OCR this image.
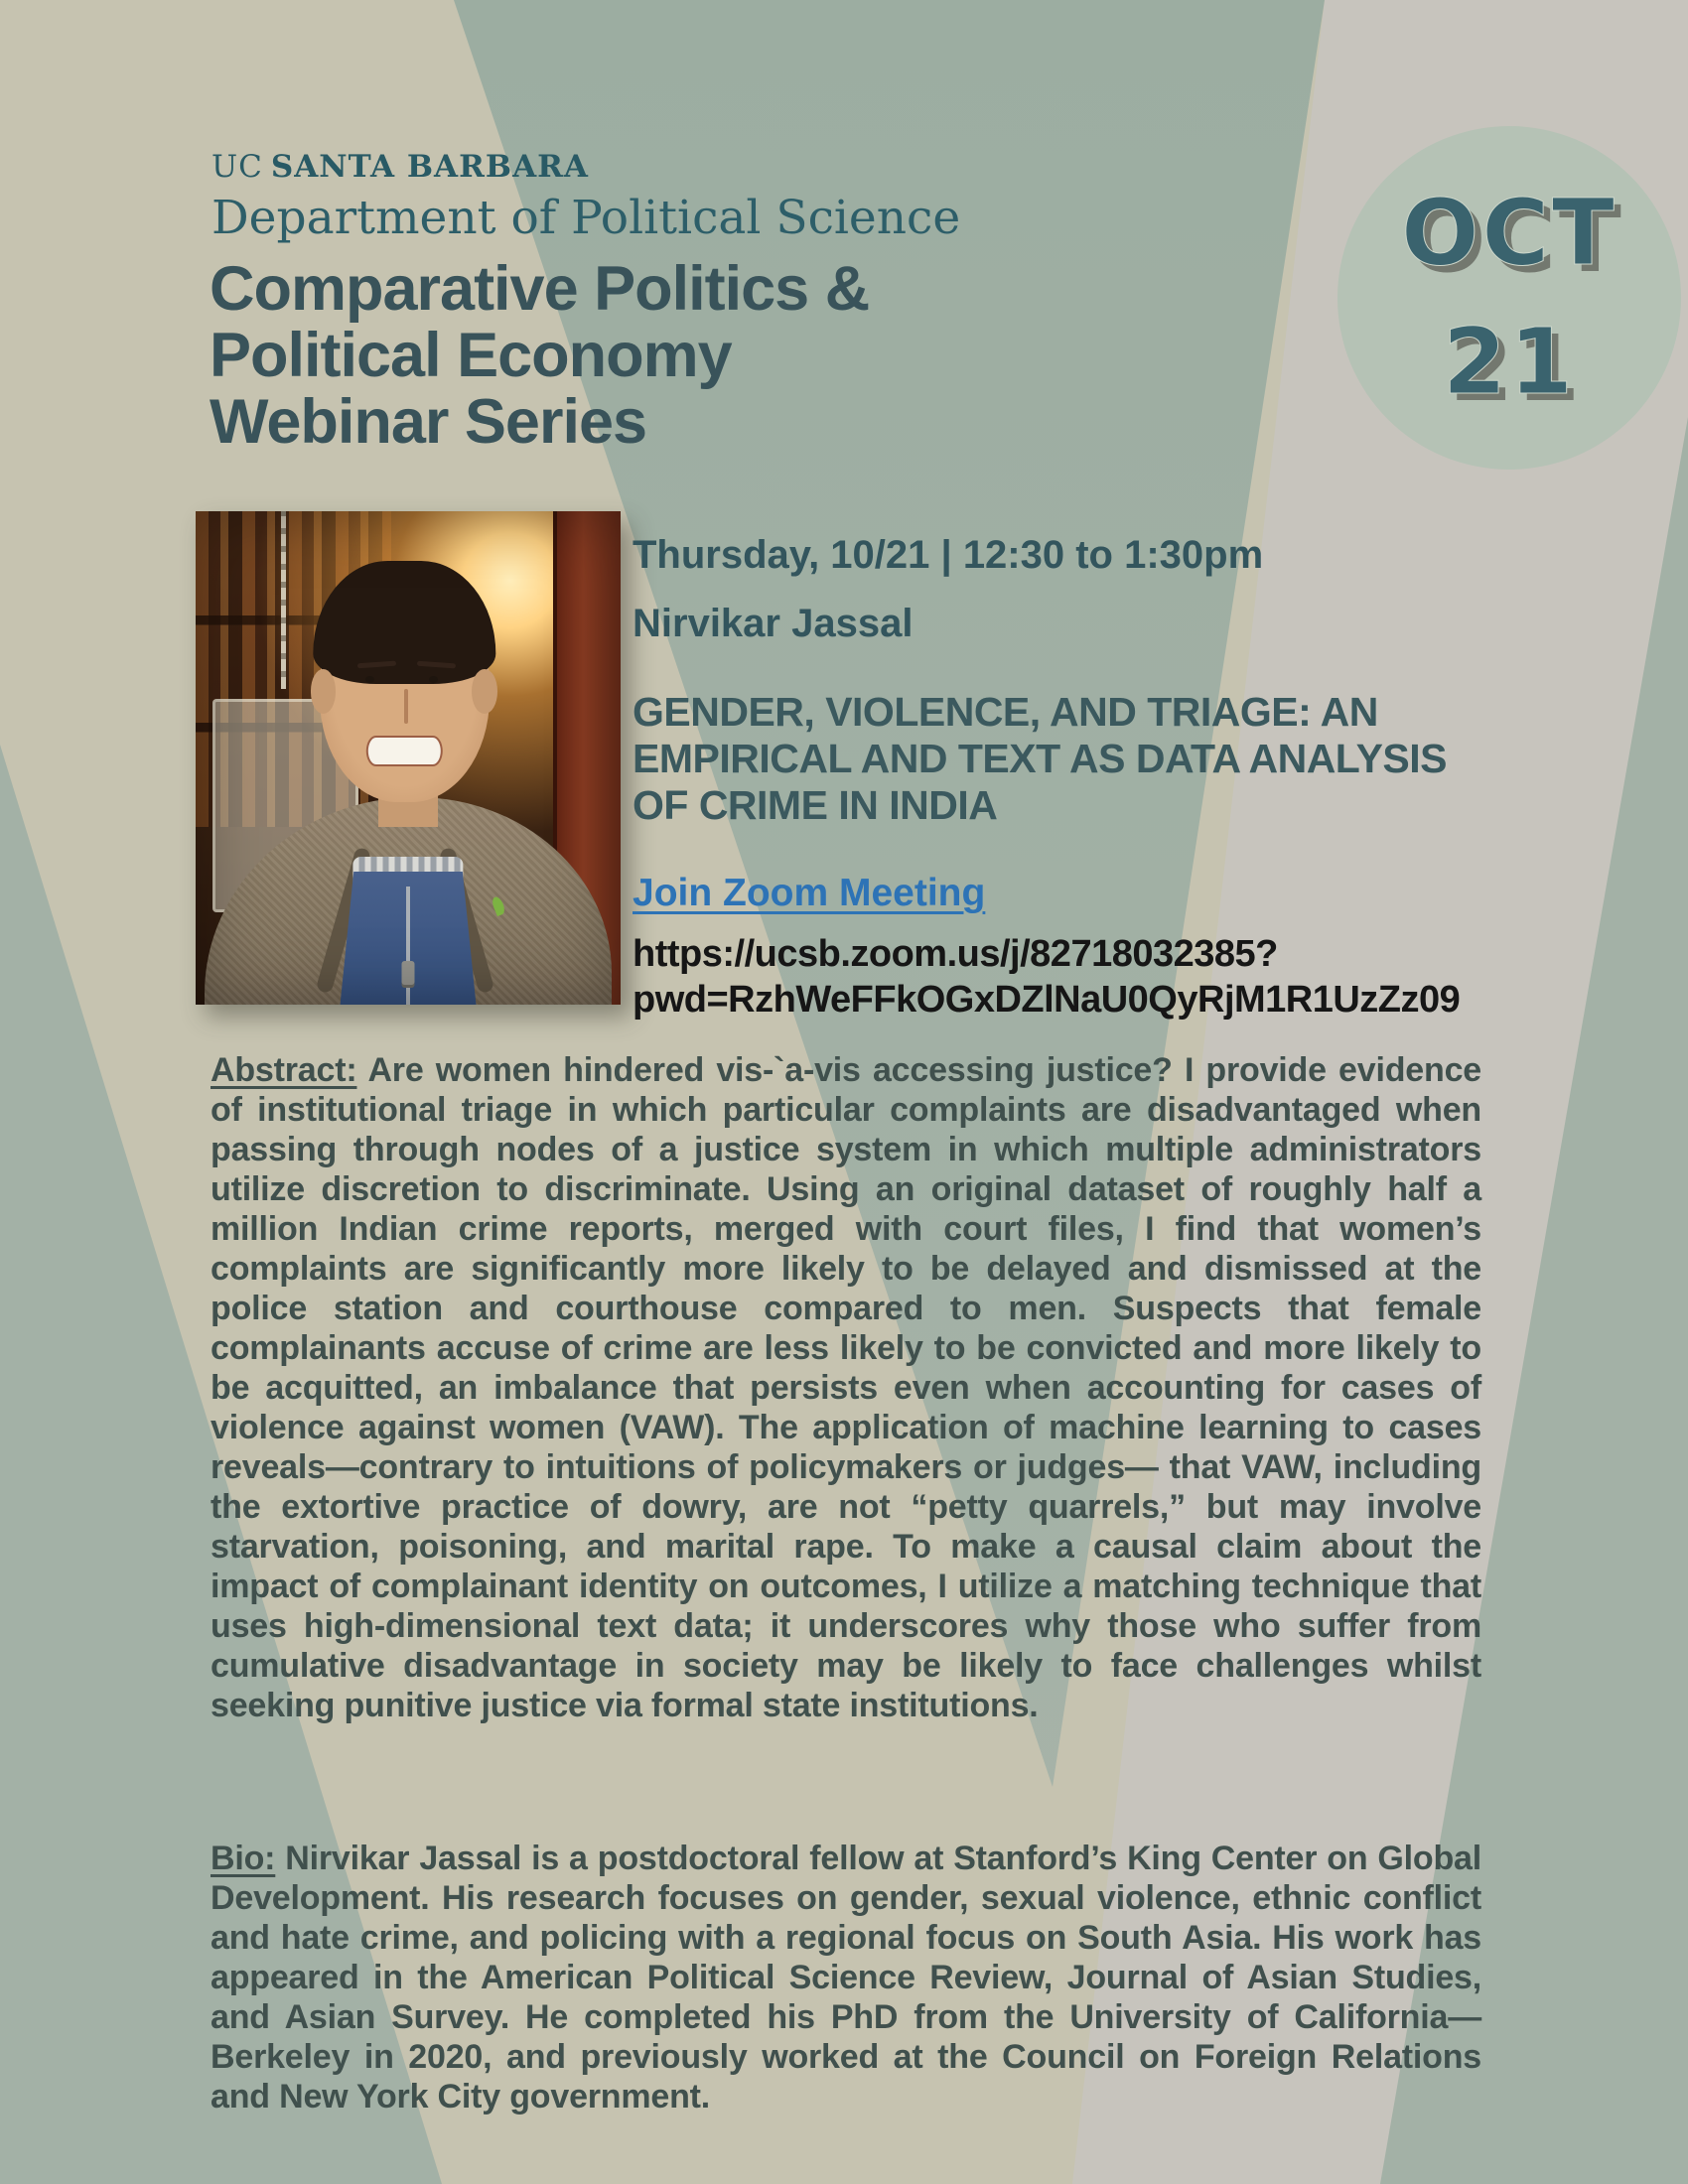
OCT
21
UC SANTA BARBARA
Department of Political Science
Comparative Politics &
Political Economy
Webinar Series
Thursday, 10/21 | 12:30 to 1:30pm
Nirvikar Jassal
GENDER, VIOLENCE, AND TRIAGE: AN
EMPIRICAL AND TEXT AS DATA ANALYSIS
OF CRIME IN INDIA
Join Zoom Meeting
https://ucsb.zoom.us/j/82718032385?
pwd=RzhWeFFkOGxDZlNaU0QyRjM1R1UzZz09

Abstract: Are women hindered vis-`a-vis accessing justice? I provide evidence of institutional triage in which particular complaints are disadvantaged when passing through nodes of a justice system in which multiple administrators utilize discretion to discriminate. Using an original dataset of roughly half a million Indian crime reports, merged with court files, I find that women’s complaints are significantly more likely to be delayed and dismissed at the police station and courthouse compared to men. Suspects that female complainants accuse of crime are less likely to be convicted and more likely to be acquitted, an imbalance that persists even when accounting for cases of violence against women (VAW). The application of machine learning to cases reveals—contrary to intuitions of policymakers or judges— that VAW, including the extortive practice of dowry, are not “petty quarrels,” but may involve starvation, poisoning, and marital rape. To make a causal claim about the impact of complainant identity on outcomes, I utilize a matching technique that uses high-dimensional text data; it underscores why those who suffer from cumulative disadvantage in society may be likely to face challenges whilst seeking punitive justice via formal state institutions.

Bio: Nirvikar Jassal is a postdoctoral fellow at Stanford’s King Center on Global Development. His research focuses on gender, sexual violence, ethnic conflict and hate crime, and policing with a regional focus on South Asia. His work has appeared in the American Political Science Review, Journal of Asian Studies, and Asian Survey. He completed his PhD from the University of California—Berkeley in 2020, and previously worked at the Council on Foreign Relations and New York City government.
